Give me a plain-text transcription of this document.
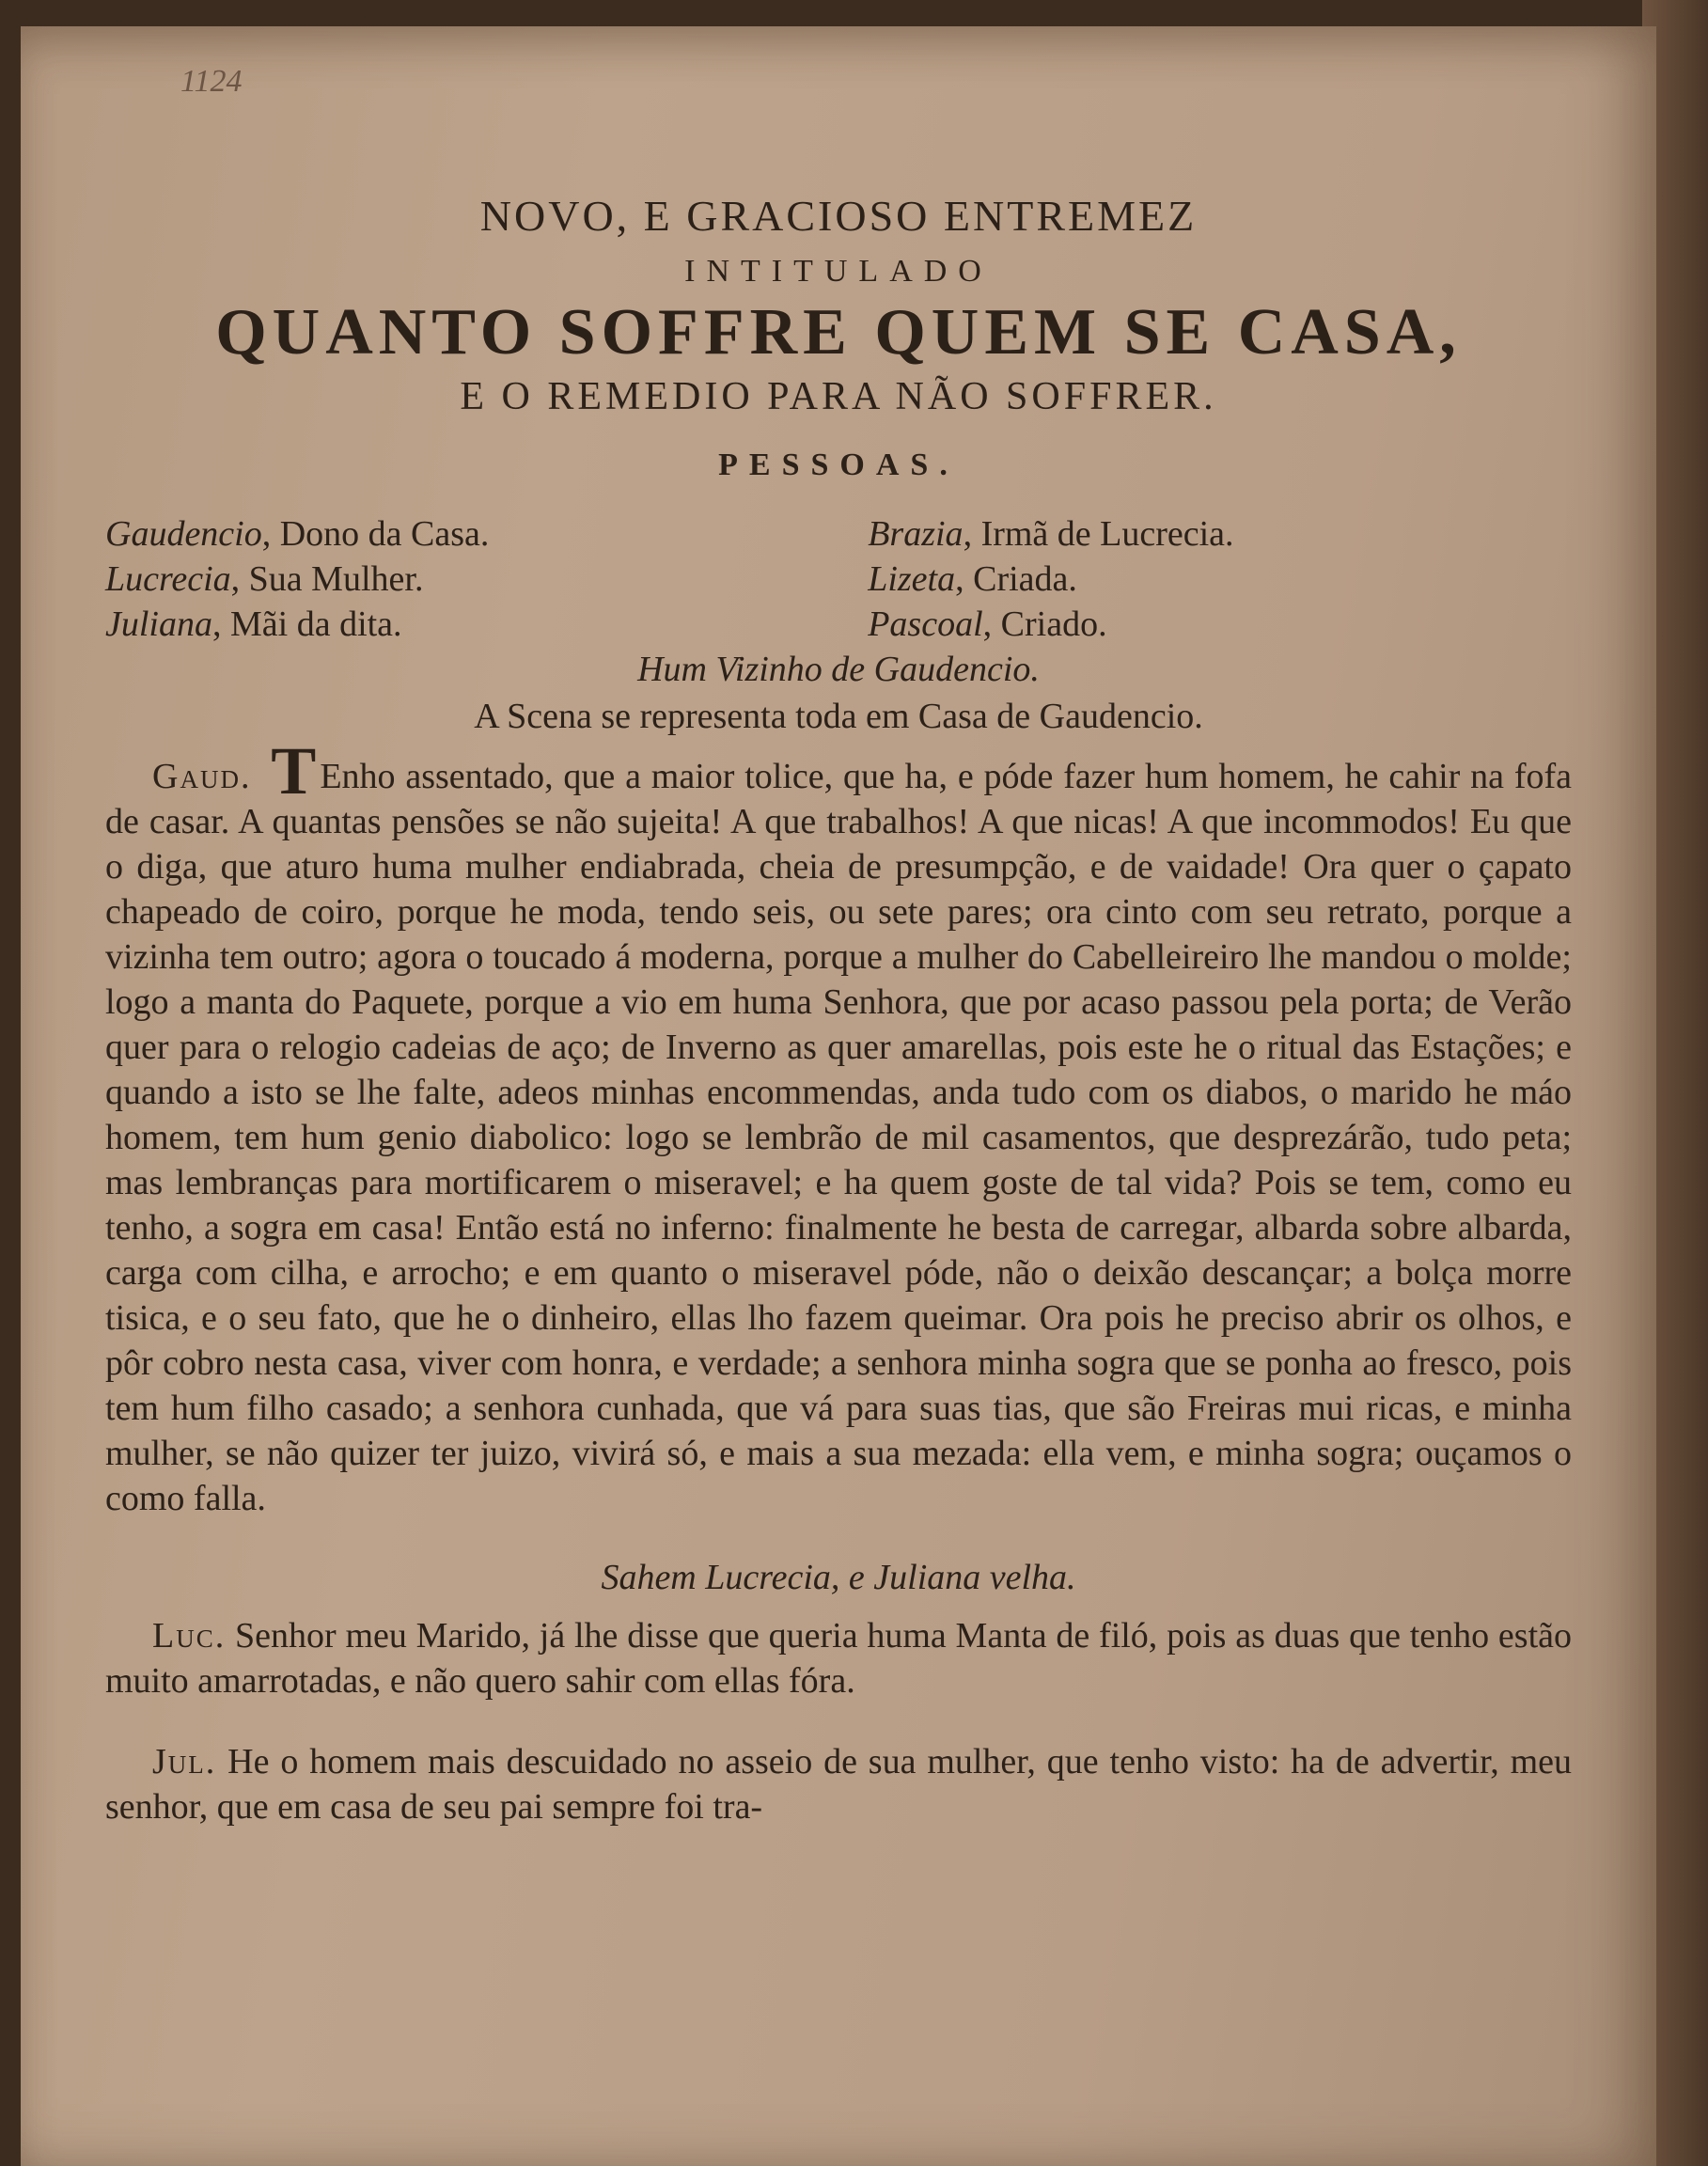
1124
NOVO, E GRACIOSO ENTREMEZ
INTITULADO
QUANTO SOFFRE QUEM SE CASA,
E O REMEDIO PARA NÃO SOFFRER.
PESSOAS.
Gaudencio, Dono da Casa.
Lucrecia, Sua Mulher.
Juliana, Mãi da dita.
Brazia, Irmã de Lucrecia.
Lizeta, Criada.
Pascoal, Criado.
Hum Vizinho de Gaudencio.
A Scena se representa toda em Casa de Gaudencio.

Gaud. T Enho assentado, que a maior tolice, que ha, e póde fazer hum homem, he cahir na fofa de casar. A quantas pensões se não sujeita! A que trabalhos! A que nicas! A que incommodos! Eu que o diga, que aturo huma mulher endiabrada, cheia de presumpção, e de vaidade! Ora quer o çapato chapeado de coiro, porque he moda, tendo seis, ou sete pares; ora cinto com seu retrato, porque a vizinha tem outro; agora o toucado á moderna, porque a mulher do Cabelleireiro lhe mandou o molde; logo a manta do Paquete, porque a vio em huma Senhora, que por acaso passou pela porta; de Verão quer para o relogio cadeias de aço; de Inverno as quer amarellas, pois este he o ritual das Estações; e quando a isto se lhe falte, adeos minhas encommendas, anda tudo com os diabos, o marido he máo homem, tem hum genio diabolico: logo se lembrão de mil casamentos, que desprezárão, tudo peta; mas lembranças para mortificarem o miseravel; e ha quem goste de tal vida? Pois se tem, como eu tenho, a sogra em casa! Então está no inferno: finalmente he besta de carregar, albarda sobre albarda, carga com cilha, e arrocho; e em quanto o miseravel póde, não o deixão descançar; a bolça morre tisica, e o seu fato, que he o dinheiro, ellas lho fazem queimar. Ora pois he preciso abrir os olhos, e pôr cobro nesta casa, viver com honra, e verdade; a senhora minha sogra que se ponha ao fresco, pois tem hum filho casado; a senhora cunhada, que vá para suas tias, que são Freiras mui ricas, e minha mulher, se não quizer ter juizo, vivirá só, e mais a sua mezada: ella vem, e minha sogra; ouçamos o como falla.

Sahem Lucrecia, e Juliana velha.

Luc. Senhor meu Marido, já lhe disse que queria huma Manta de filó, pois as duas que tenho estão muito amarrotadas, e não quero sahir com ellas fóra.

Jul. He o homem mais descuidado no asseio de sua mulher, que tenho visto: ha de advertir, meu senhor, que em casa de seu pai sempre foi tra-
